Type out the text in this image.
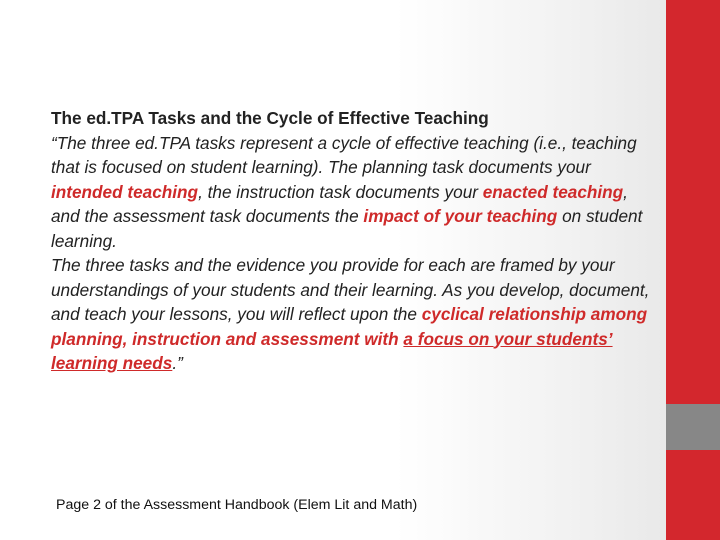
The ed.TPA Tasks and the Cycle of Effective Teaching

“The three ed.TPA tasks represent a cycle of effective teaching (i.e., teaching that is focused on student learning). The planning task documents your intended teaching, the instruction task documents your enacted teaching, and the assessment task documents the impact of your teaching on student learning.

The three tasks and the evidence you provide for each are framed by your understandings of your students and their learning. As you develop, document, and teach your lessons, you will reflect upon the cyclical relationship among planning, instruction and assessment with a focus on your students’ learning needs.”

Page 2 of the Assessment Handbook (Elem Lit and Math)
